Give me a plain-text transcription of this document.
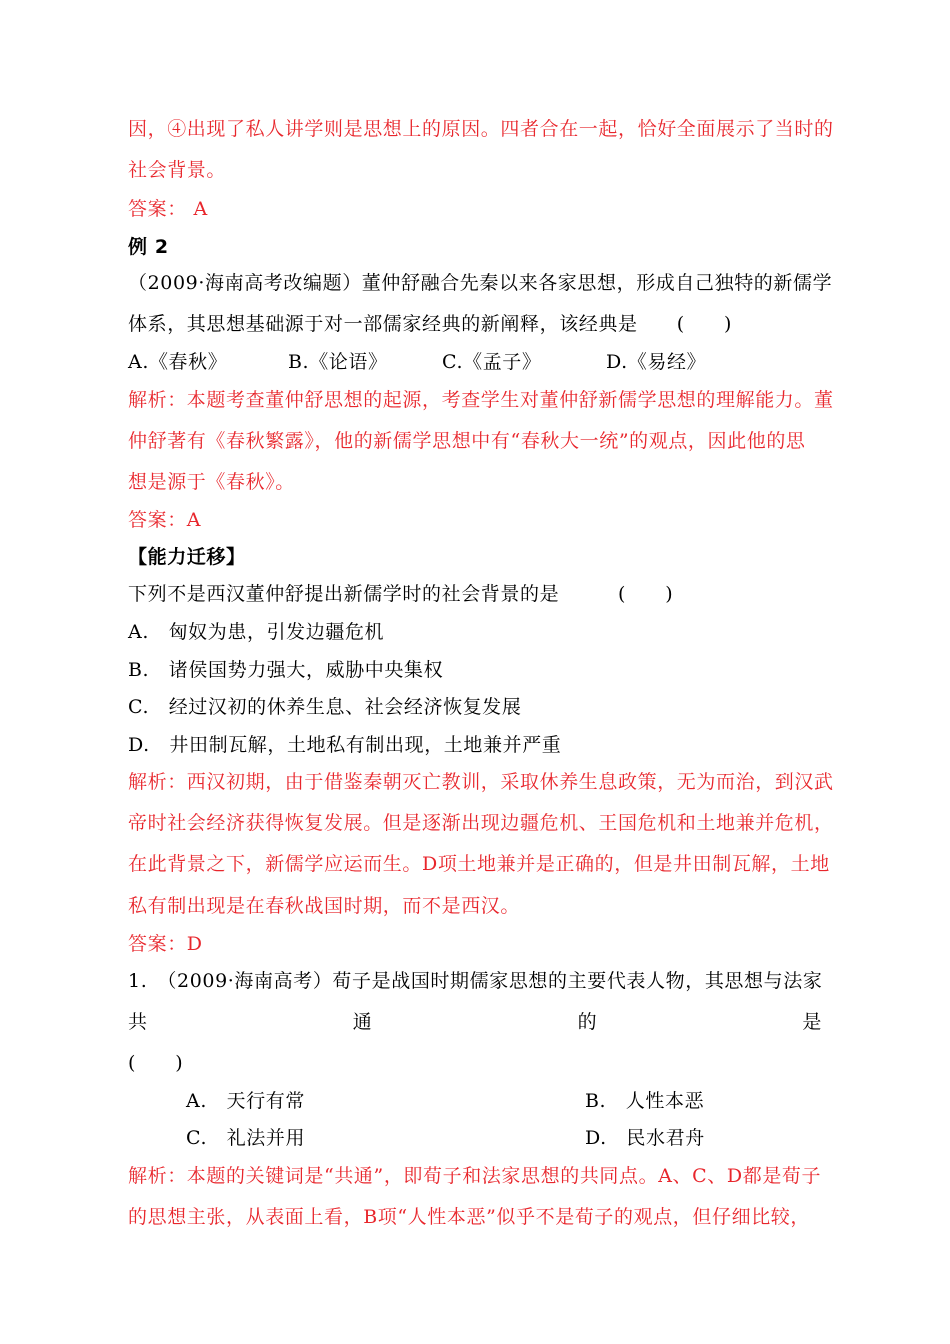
因，④出现了私人讲学则是思想上的原因。四者合在一起，恰好全面展示了当时的
社会背景。
答案： A
例 2
（2009·海南高考改编题）董仲舒融合先秦以来各家思想，形成自己独特的新儒学
体系，其思想基础源于对一部儒家经典的新阐释，该经典是　　(　　)
A.《春秋》	B.《论语》	C.《孟子》	D.《易经》
解析：本题考查董仲舒思想的起源，考查学生对董仲舒新儒学思想的理解能力。董
仲舒著有《春秋繁露》，他的新儒学思想中有“春秋大一统”的观点，因此他的思
想是源于《春秋》。
答案：A
【能力迁移】
下列不是西汉董仲舒提出新儒学时的社会背景的是　　　(　　)
A.　匈奴为患，引发边疆危机
B.　诸侯国势力强大，威胁中央集权
C.　经过汉初的休养生息、社会经济恢复发展
D.　井田制瓦解，土地私有制出现，土地兼并严重
解析：西汉初期，由于借鉴秦朝灭亡教训，采取休养生息政策，无为而治，到汉武
帝时社会经济获得恢复发展。但是逐渐出现边疆危机、王国危机和土地兼并危机，
在此背景之下，新儒学应运而生。D项土地兼并是正确的，但是井田制瓦解，土地
私有制出现是在春秋战国时期，而不是西汉。
答案：D
1.　（2009·海南高考）荀子是战国时期儒家思想的主要代表人物，其思想与法家
共	通	的	是
(　　)
A.　天行有常	B.　人性本恶
C.　礼法并用	D.　民水君舟
解析：本题的关键词是“共通”，即荀子和法家思想的共同点。A、C、D都是荀子
的思想主张，从表面上看，B项“人性本恶”似乎不是荀子的观点，但仔细比较，
